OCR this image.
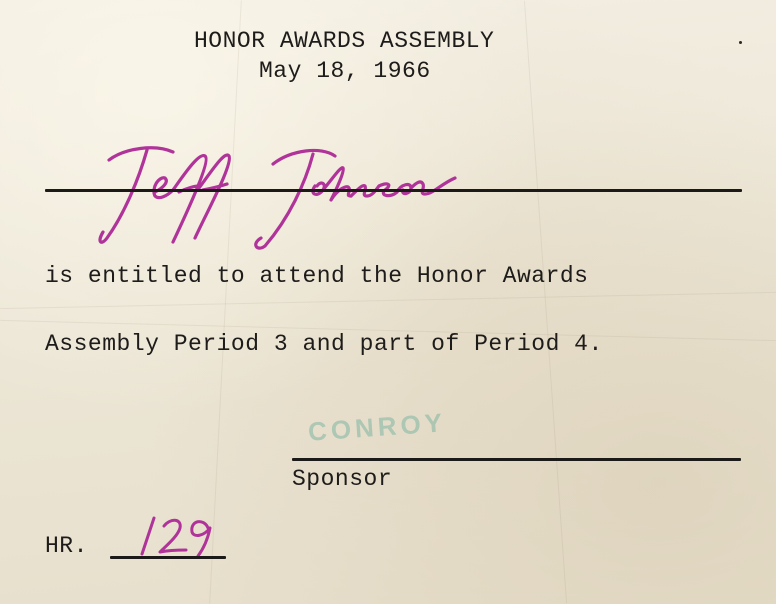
HONOR AWARDS ASSEMBLY
May 18, 1966
is entitled to attend the Honor Awards
Assembly Period 3 and part of Period 4.
CONROY
Sponsor
HR.
